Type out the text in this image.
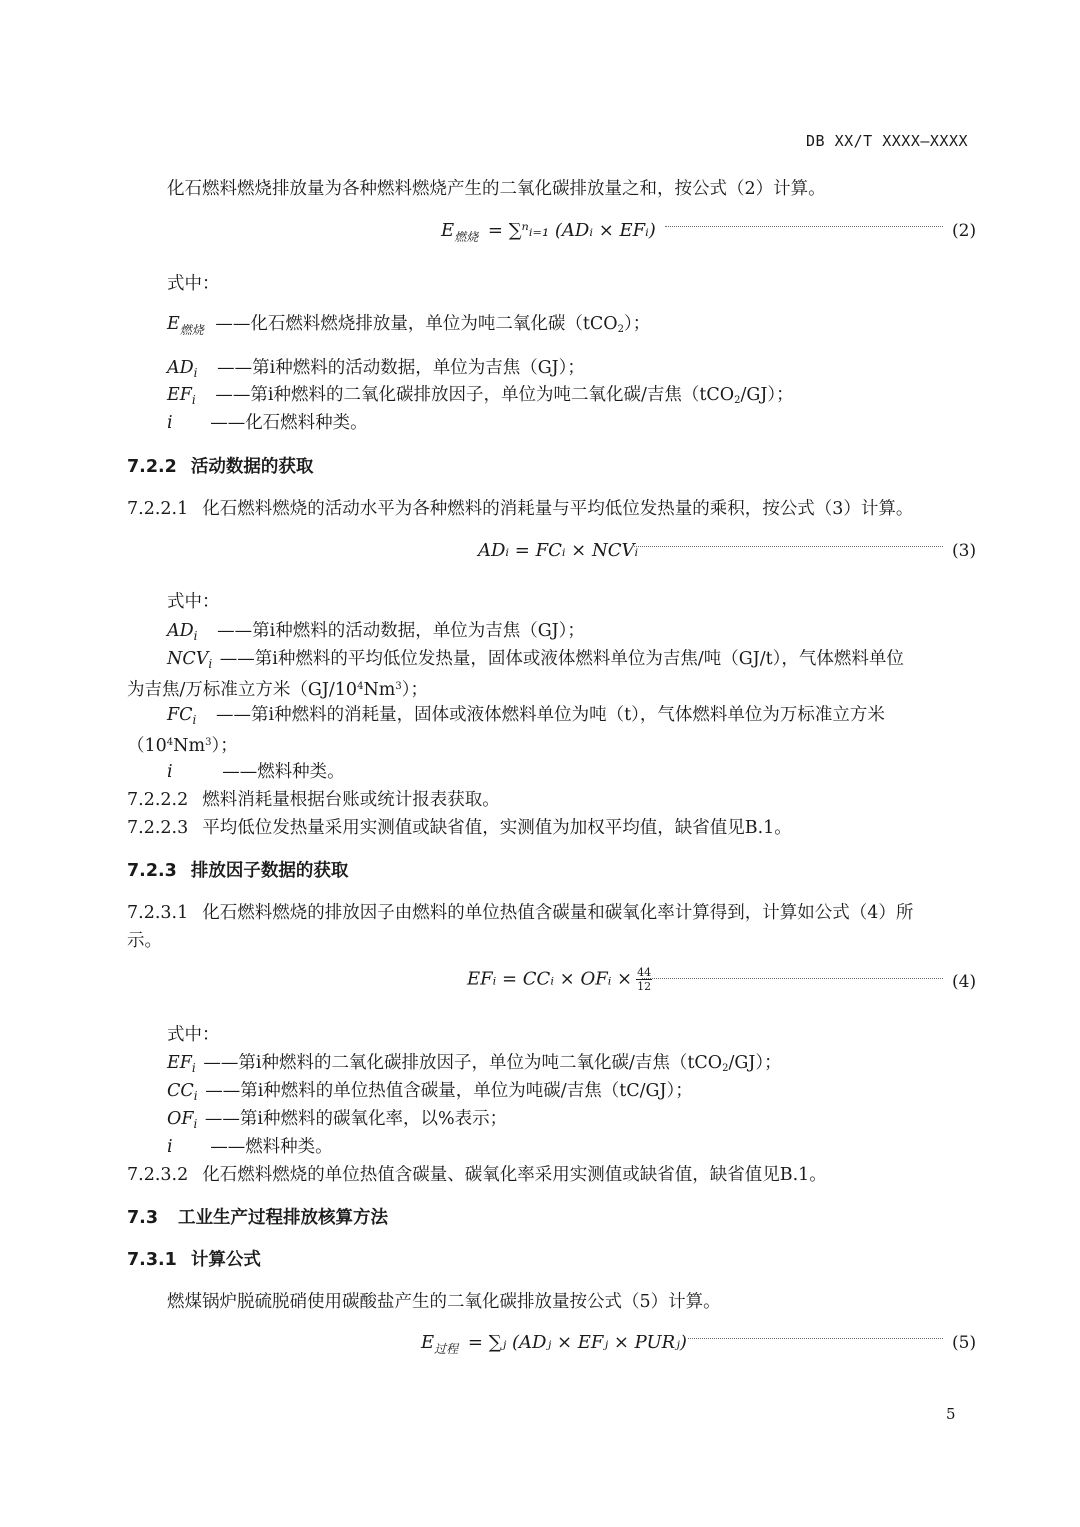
DB XX/T XXXX—XXXX
化石燃料燃烧排放量为各种燃料燃烧产生的二氧化碳排放量之和，按公式（2）计算。
$E_{燃烧}$ = ∑ⁿᵢ₌₁ (ADᵢ × EFᵢ)	(2)
式中：
$E_{燃烧}$ ——化石燃料燃烧排放量，单位为吨二氧化碳（tCO2）；
$AD_i$ ——第i种燃料的活动数据，单位为吉焦（GJ）；
$EF_i$ ——第i种燃料的二氧化碳排放因子，单位为吨二氧化碳/吉焦（tCO2/GJ）；
i ——化石燃料种类。
7.2.2 活动数据的获取
7.2.2.1 化石燃料燃烧的活动水平为各种燃料的消耗量与平均低位发热量的乘积，按公式（3）计算。
ADᵢ = FCᵢ × NCVᵢ	(3)
式中：
$AD_i$ ——第i种燃料的活动数据，单位为吉焦（GJ）；
$NCV_i$ ——第i种燃料的平均低位发热量，固体或液体燃料单位为吉焦/吨（GJ/t），气体燃料单位
为吉焦/万标准立方米$(GJ/10^4Nm^3)$；
$FC_i$ ——第i种燃料的消耗量，固体或液体燃料单位为吨（t），气体燃料单位为万标准立方米
$(10^4Nm^3)$；
i	——燃料种类。
7.2.2.2 燃料消耗量根据台账或统计报表获取。
7.2.2.3 平均低位发热量采用实测值或缺省值，实测值为加权平均值，缺省值见B.1。
7.2.3 排放因子数据的获取
7.2.3.1 化石燃料燃烧的排放因子由燃料的单位热值含碳量和碳氧化率计算得到，计算如公式（4）所
示。
EFᵢ = CCᵢ × OFᵢ × $\frac{44}{12}$	(4)
式中：
$EF_i$ ——第i种燃料的二氧化碳排放因子，单位为吨二氧化碳/吉焦（tCO2/GJ）；
$CC_i$ ——第i种燃料的单位热值含碳量，单位为吨碳/吉焦（tC/GJ）；
$OF_i$ ——第i种燃料的碳氧化率，以%表示；
i ——燃料种类。
7.2.3.2 化石燃料燃烧的单位热值含碳量、碳氧化率采用实测值或缺省值，缺省值见B.1。
7.3 工业生产过程排放核算方法
7.3.1 计算公式
燃煤锅炉脱硫脱硝使用碳酸盐产生的二氧化碳排放量按公式（5）计算。
$E_{过程}$ = ∑ⱼ (ADⱼ × EFⱼ × PURⱼ)	(5)
5
